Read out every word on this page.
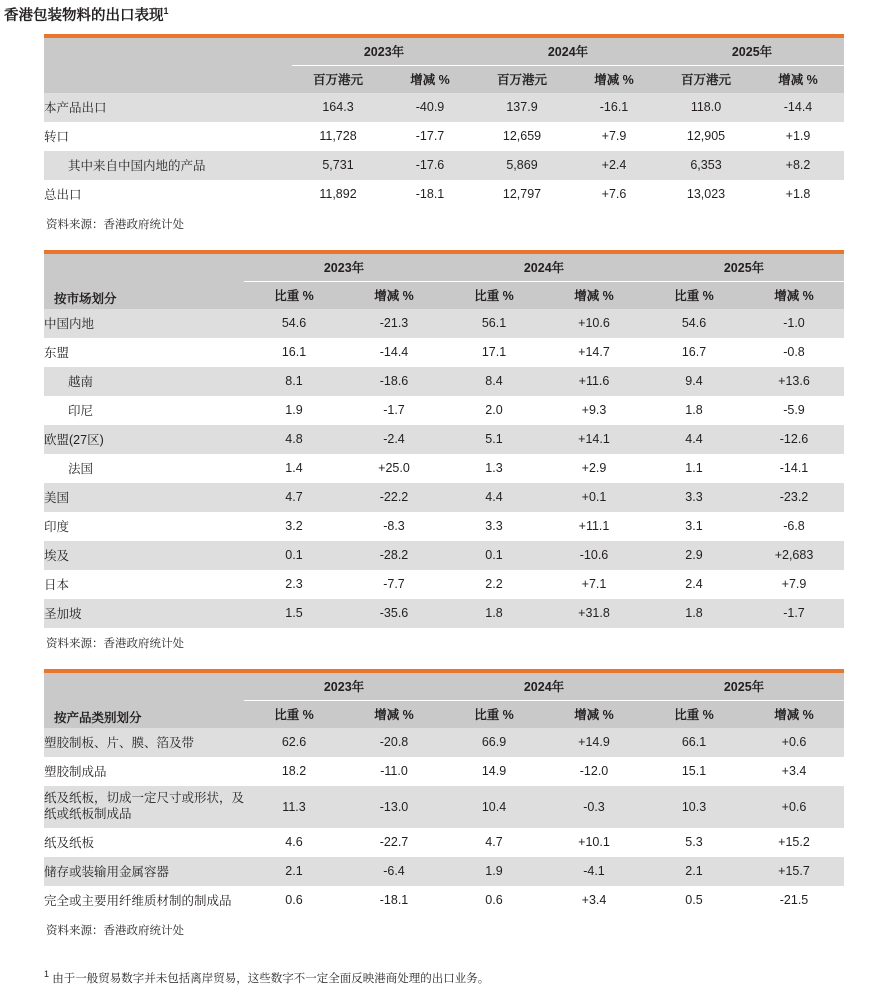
香港包装物料的出口表现$^1$

	2023年		2024年		2025年	
	百万港元	增减 %	百万港元	增减 %	百万港元	增减 %
本产品出口	164.3	-40.9	137.9	-16.1	118.0	-14.4
转口	11,728	-17.7	12,659	+7.9	12,905	+1.9
其中来自中国内地的产品	5,731	-17.6	5,869	+2.4	6,353	+8.2
总出口	11,892	-18.1	12,797	+7.6	13,023	+1.8
资料来源：香港政府统计处

按市场划分	2023年		2024年		2025年	
	比重 %	增减 %	比重 %	增减 %	比重 %	增减 %
中国内地	54.6	-21.3	56.1	+10.6	54.6	-1.0
东盟	16.1	-14.4	17.1	+14.7	16.7	-0.8
越南	8.1	-18.6	8.4	+11.6	9.4	+13.6
印尼	1.9	-1.7	2.0	+9.3	1.8	-5.9
欧盟(27区)	4.8	-2.4	5.1	+14.1	4.4	-12.6
法国	1.4	+25.0	1.3	+2.9	1.1	-14.1
美国	4.7	-22.2	4.4	+0.1	3.3	-23.2
印度	3.2	-8.3	3.3	+11.1	3.1	-6.8
埃及	0.1	-28.2	0.1	-10.6	2.9	+2,683
日本	2.3	-7.7	2.2	+7.1	2.4	+7.9
圣加坡	1.5	-35.6	1.8	+31.8	1.8	-1.7
资料来源：香港政府统计处

按产品类别划分	2023年		2024年		2025年	
	比重 %	增减 %	比重 %	增减 %	比重 %	增减 %
塑胶制板、片、膜、箔及带	62.6	-20.8	66.9	+14.9	66.1	+0.6
塑胶制成品	18.2	-11.0	14.9	-12.0	15.1	+3.4
纸及纸板，切成一定尺寸或形状，及纸或纸板制成品	11.3	-13.0	10.4	-0.3	10.3	+0.6
纸及纸板	4.6	-22.7	4.7	+10.1	5.3	+15.2
储存或装输用金属容器	2.1	-6.4	1.9	-4.1	2.1	+15.7
完全或主要用纤维质材制的制成品	0.6	-18.1	0.6	+3.4	0.5	-21.5
资料来源：香港政府统计处
$^1$ 由于一般贸易数字并未包括离岸贸易，这些数字不一定全面反映港商处理的出口业务。
